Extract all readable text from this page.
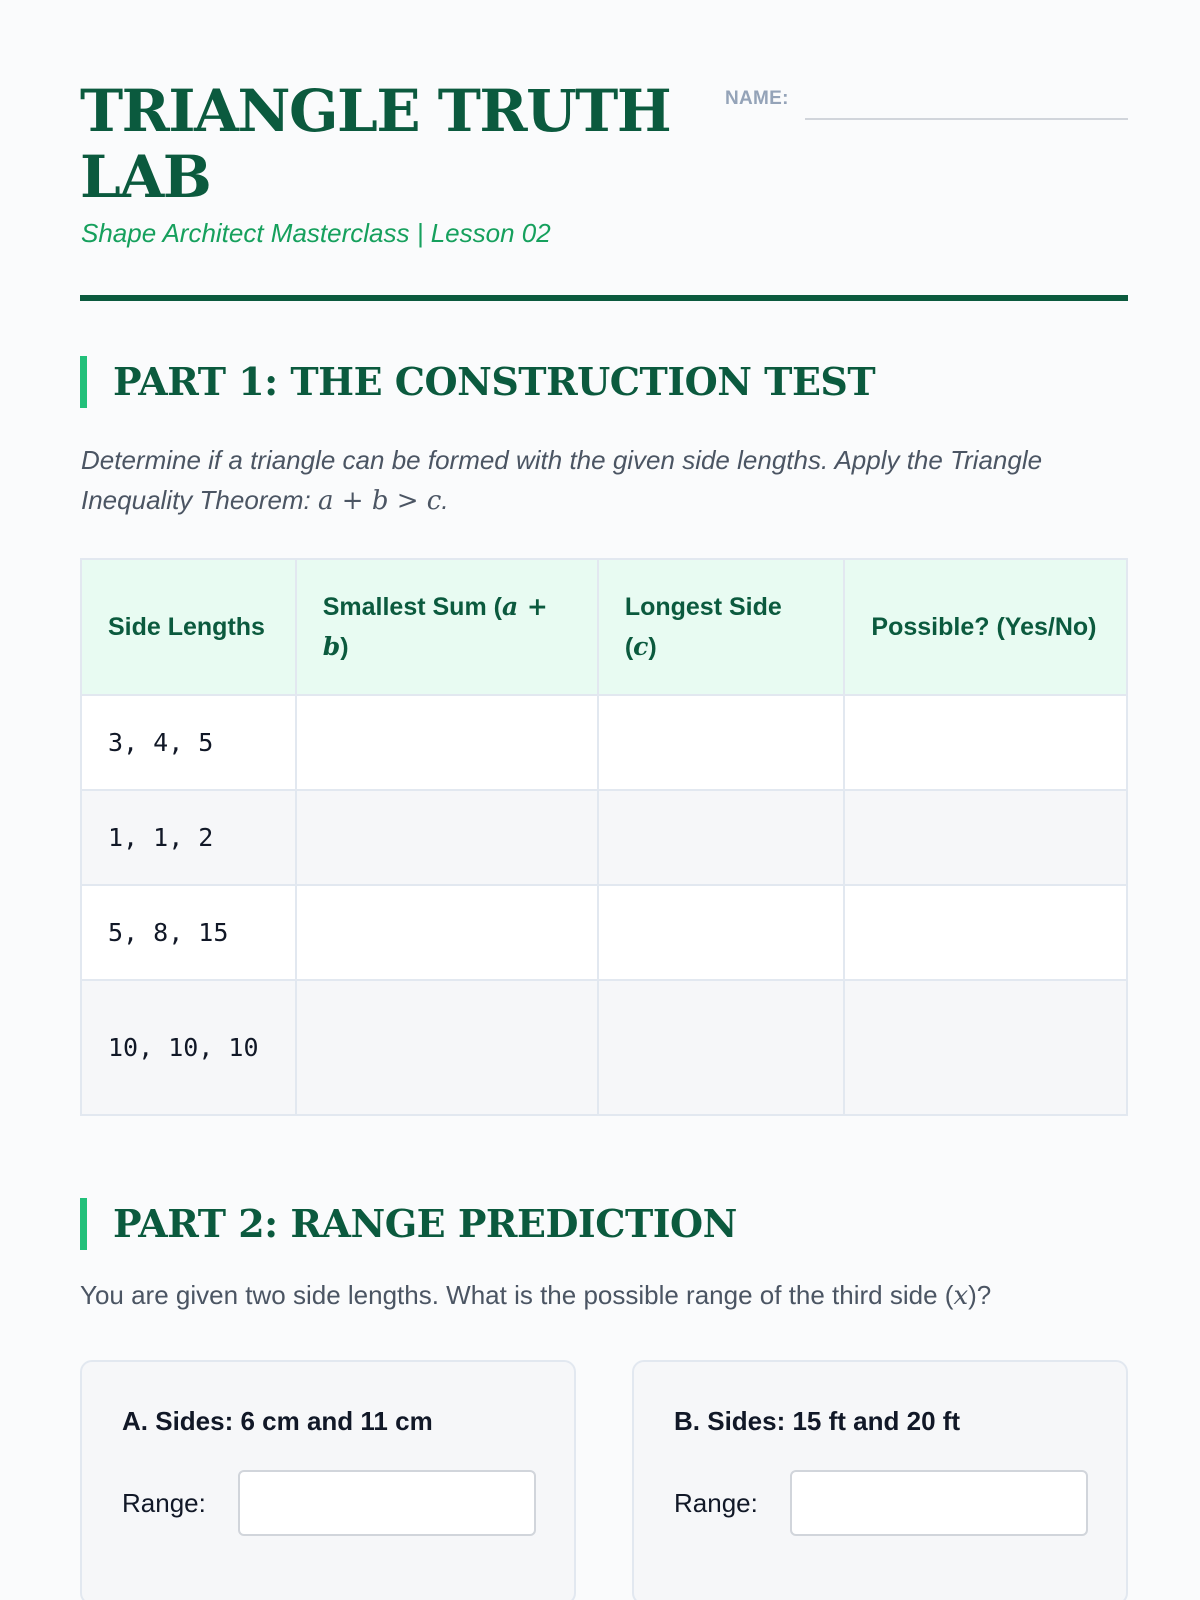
TRIANGLE TRUTH LAB
Shape Architect Masterclass | Lesson 02
NAME:
PART 1: THE CONSTRUCTION TEST
Determine if a triangle can be formed with the given side lengths. Apply the Triangle Inequality Theorem: a + b > c.
Side Lengths	Smallest Sum (a + b)	Longest Side (c)	Possible? (Yes/No)
3, 4, 5			
1, 1, 2			
5, 8, 15			
10, 10, 10			
PART 2: RANGE PREDICTION
You are given two side lengths. What is the possible range of the third side (x)?
A. Sides: 6 cm and 11 cm
Range:
B. Sides: 15 ft and 20 ft
Range:
